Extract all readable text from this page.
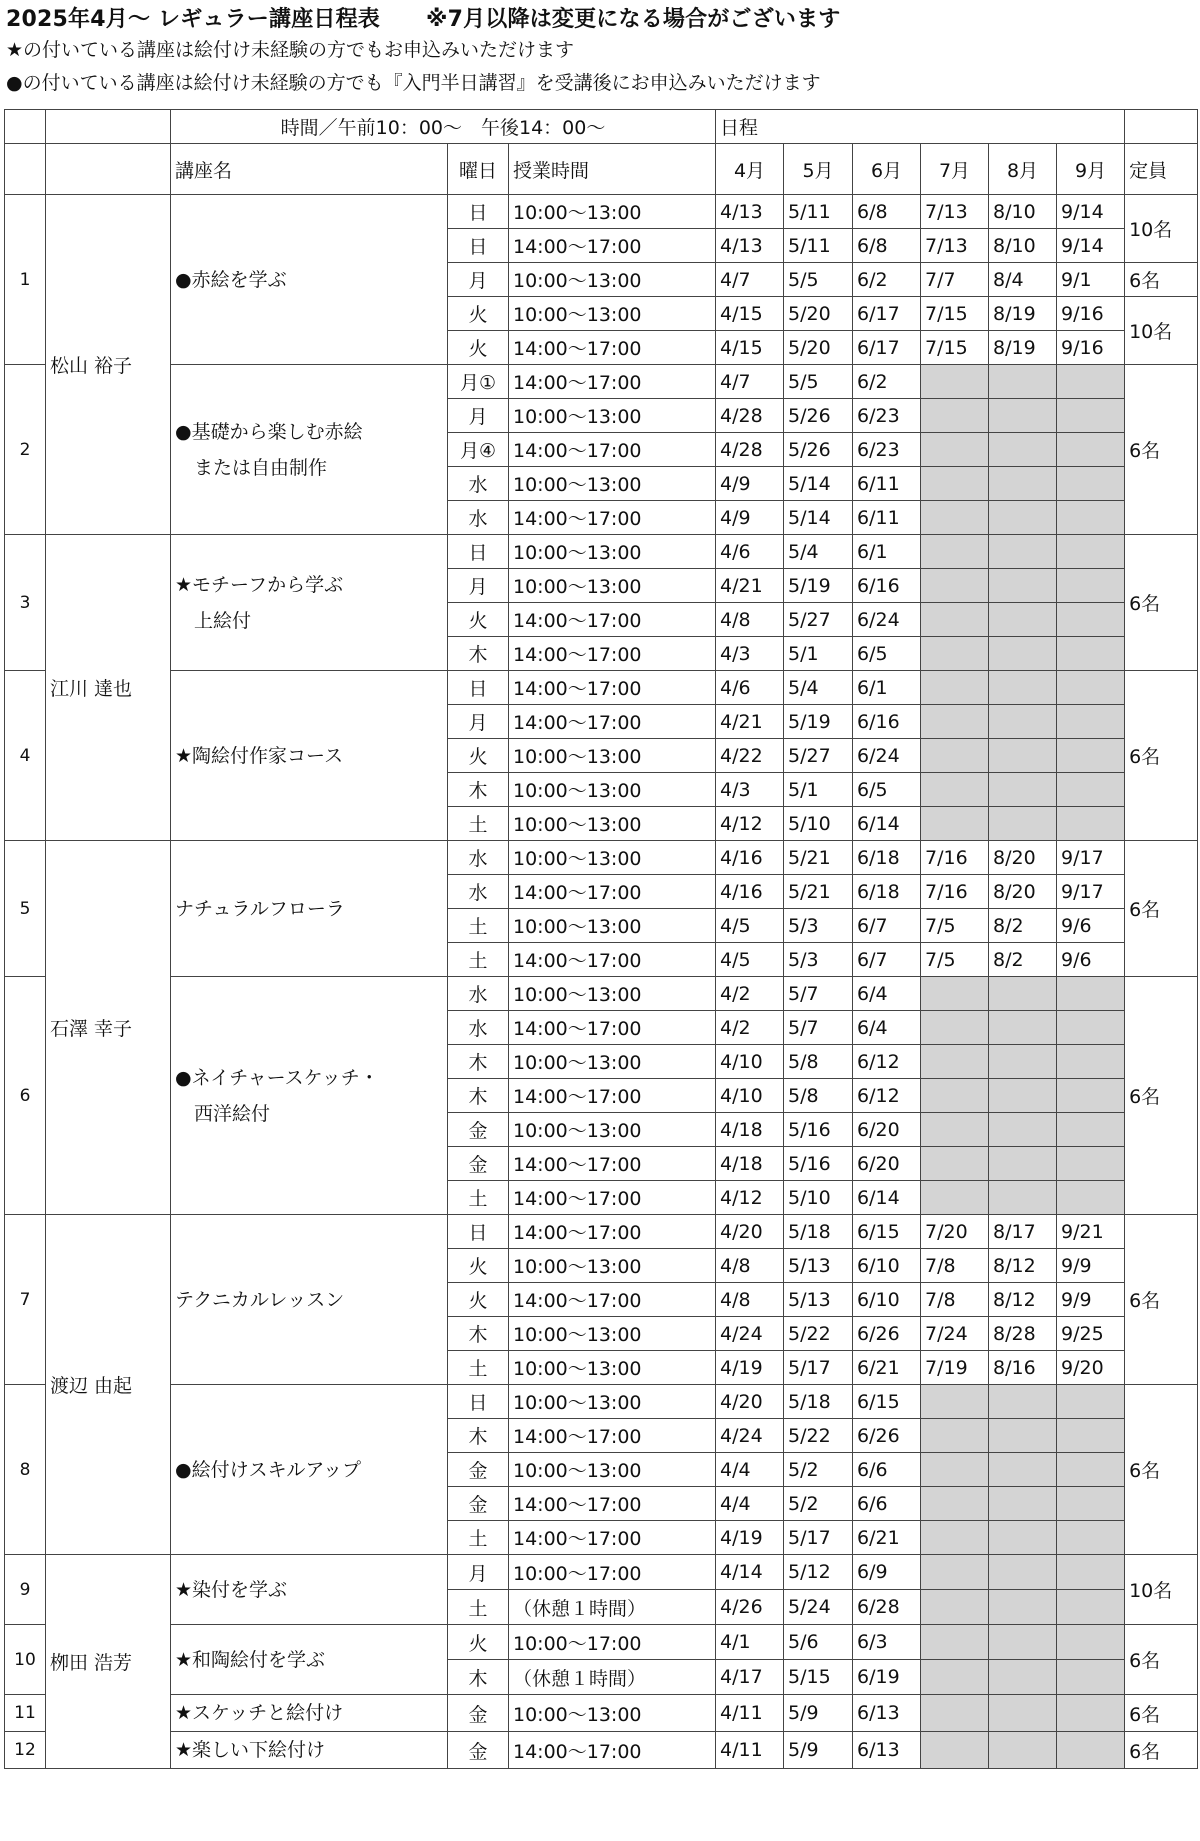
2025年4月～ レギュラー講座日程表 ※7月以降は変更になる場合がございます
★の付いている講座は絵付け未経験の方でもお申込みいただけます
●の付いている講座は絵付け未経験の方でも『入門半日講習』を受講後にお申込みいただけます
		時間／午前10：00～　午後14：00～			日程						
		講座名	曜日	授業時間	4月	5月	6月	7月	8月	9月	定員
1	松山 裕子	●赤絵を学ぶ	日	10:00～13:00	4/13	5/11	6/8	7/13	8/10	9/14	10名
			日	14:00～17:00	4/13	5/11	6/8	7/13	8/10	9/14	
			月	10:00～13:00	4/7	5/5	6/2	7/7	8/4	9/1	6名
			火	10:00～13:00	4/15	5/20	6/17	7/15	8/19	9/16	10名
			火	14:00～17:00	4/15	5/20	6/17	7/15	8/19	9/16	
2		●基礎から楽しむ赤絵
　または自由制作	月①	14:00～17:00	4/7	5/5	6/2				6名
			月	10:00～13:00	4/28	5/26	6/23				
			月④	14:00～17:00	4/28	5/26	6/23				
			水	10:00～13:00	4/9	5/14	6/11				
			水	14:00～17:00	4/9	5/14	6/11				
3	江川 達也	★モチーフから学ぶ
　上絵付	日	10:00～13:00	4/6	5/4	6/1				6名
			月	10:00～13:00	4/21	5/19	6/16				
			火	14:00～17:00	4/8	5/27	6/24				
			木	14:00～17:00	4/3	5/1	6/5				
4		★陶絵付作家コース	日	14:00～17:00	4/6	5/4	6/1				6名
			月	14:00～17:00	4/21	5/19	6/16				
			火	10:00～13:00	4/22	5/27	6/24				
			木	10:00～13:00	4/3	5/1	6/5				
			土	10:00～13:00	4/12	5/10	6/14				
5	石澤 幸子	ナチュラルフローラ	水	10:00～13:00	4/16	5/21	6/18	7/16	8/20	9/17	6名
			水	14:00～17:00	4/16	5/21	6/18	7/16	8/20	9/17	
			土	10:00～13:00	4/5	5/3	6/7	7/5	8/2	9/6	
			土	14:00～17:00	4/5	5/3	6/7	7/5	8/2	9/6	
6		●ネイチャースケッチ・
　西洋絵付	水	10:00～13:00	4/2	5/7	6/4				6名
			水	14:00～17:00	4/2	5/7	6/4				
			木	10:00～13:00	4/10	5/8	6/12				
			木	14:00～17:00	4/10	5/8	6/12				
			金	10:00～13:00	4/18	5/16	6/20				
			金	14:00～17:00	4/18	5/16	6/20				
			土	14:00～17:00	4/12	5/10	6/14				
7	渡辺 由起	テクニカルレッスン	日	14:00～17:00	4/20	5/18	6/15	7/20	8/17	9/21	6名
			火	10:00～13:00	4/8	5/13	6/10	7/8	8/12	9/9	
			火	14:00～17:00	4/8	5/13	6/10	7/8	8/12	9/9	
			木	10:00～13:00	4/24	5/22	6/26	7/24	8/28	9/25	
			土	10:00～13:00	4/19	5/17	6/21	7/19	8/16	9/20	
8		●絵付けスキルアップ	日	10:00～13:00	4/20	5/18	6/15				6名
			木	14:00～17:00	4/24	5/22	6/26				
			金	10:00～13:00	4/4	5/2	6/6				
			金	14:00～17:00	4/4	5/2	6/6				
			土	14:00～17:00	4/19	5/17	6/21				
9	栁田 浩芳	★染付を学ぶ	月	10:00～17:00	4/14	5/12	6/9				10名
			土	（休憩１時間）	4/26	5/24	6/28				
10		★和陶絵付を学ぶ	火	10:00～17:00	4/1	5/6	6/3				6名
			木	（休憩１時間）	4/17	5/15	6/19				
11		★スケッチと絵付け	金	10:00～13:00	4/11	5/9	6/13				6名
12		★楽しい下絵付け	金	14:00～17:00	4/11	5/9	6/13				6名
